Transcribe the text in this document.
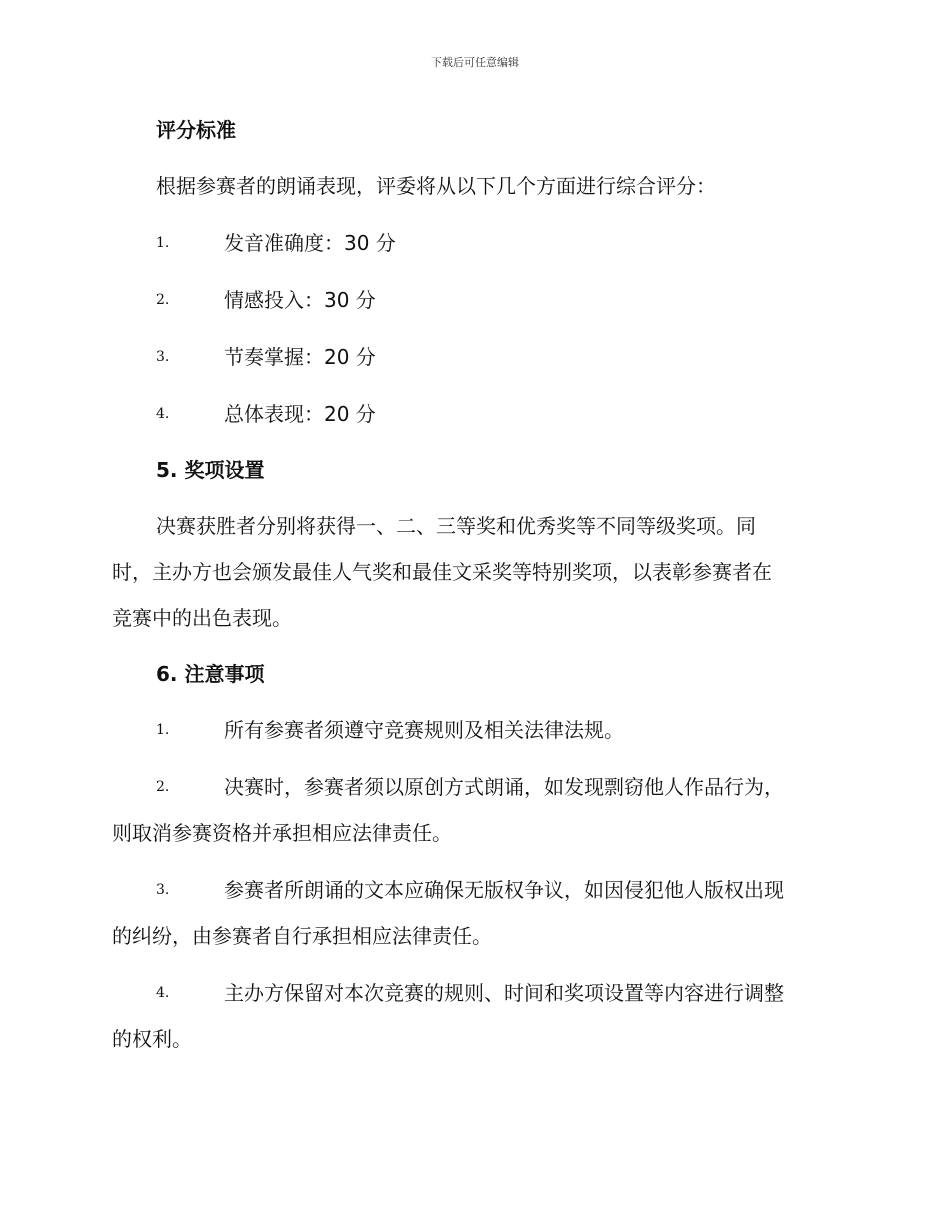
下载后可任意编辑
评分标准
根据参赛者的朗诵表现，评委将从以下几个方面进行综合评分：
1.	发音准确度：30 分
2.	情感投入：30 分
3.	节奏掌握：20 分
4.	总体表现：20 分
5. 奖项设置
决赛获胜者分别将获得一、二、三等奖和优秀奖等不同等级奖项。同
时，主办方也会颁发最佳人气奖和最佳文采奖等特别奖项，以表彰参赛者在
竞赛中的出色表现。
6. 注意事项
1.	所有参赛者须遵守竞赛规则及相关法律法规。
2.	决赛时，参赛者须以原创方式朗诵，如发现剽窃他人作品行为，
则取消参赛资格并承担相应法律责任。
3.	参赛者所朗诵的文本应确保无版权争议，如因侵犯他人版权出现
的纠纷，由参赛者自行承担相应法律责任。
4.	主办方保留对本次竞赛的规则、时间和奖项设置等内容进行调整
的权利。
